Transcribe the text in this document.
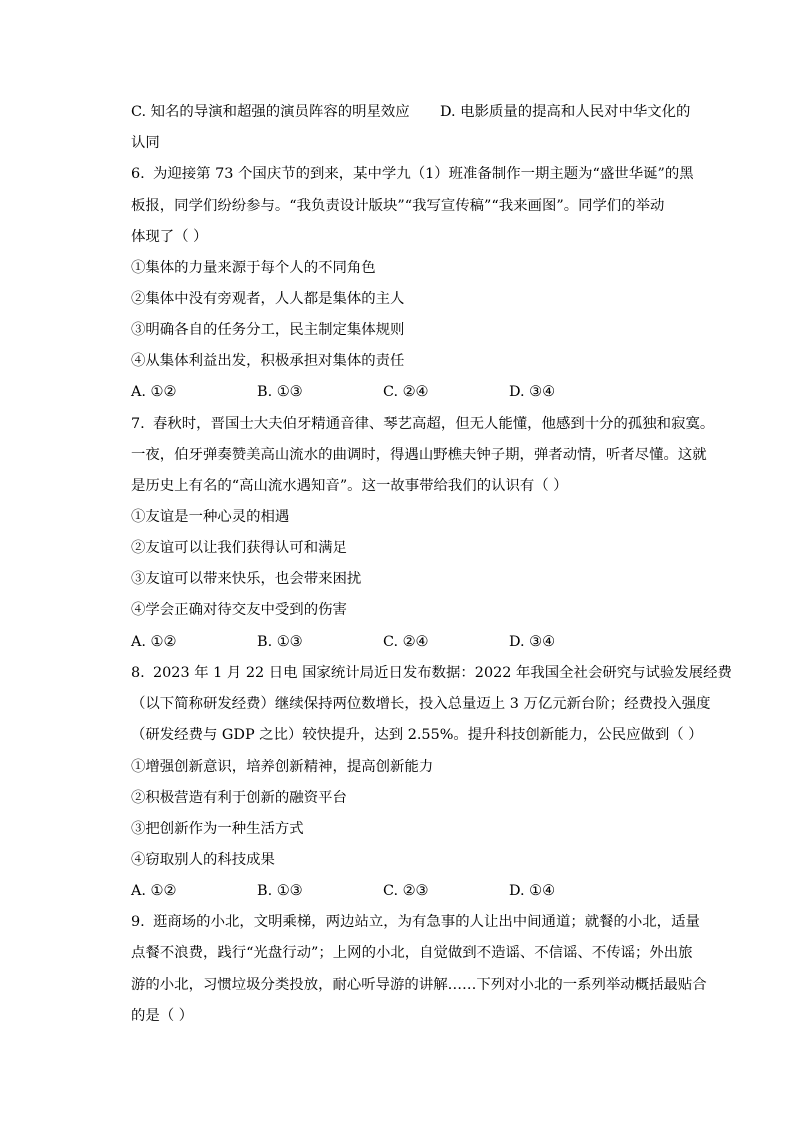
C. 知名的导演和超强的演员阵容的明星效应 D. 电影质量的提高和人民对中华文化的
认同
6. 为迎接第 73 个国庆节的到来，某中学九（1）班准备制作一期主题为“盛世华诞”的黑
板报，同学们纷纷参与。“我负责设计版块”“我写宣传稿”“我来画图”。同学们的举动
体现了（ ）
①集体的力量来源于每个人的不同角色
②集体中没有旁观者，人人都是集体的主人
③明确各自的任务分工，民主制定集体规则
④从集体利益出发，积极承担对集体的责任
A. ①②	B. ①③	C. ②④	D. ③④
7. 春秋时，晋国士大夫伯牙精通音律、琴艺高超，但无人能懂，他感到十分的孤独和寂寞。
一夜，伯牙弹奏赞美高山流水的曲调时，得遇山野樵夫钟子期，弹者动情，听者尽懂。这就
是历史上有名的“高山流水遇知音”。这一故事带给我们的认识有（ ）
①友谊是一种心灵的相遇
②友谊可以让我们获得认可和满足
③友谊可以带来快乐，也会带来困扰
④学会正确对待交友中受到的伤害
A. ①②	B. ①③	C. ②④	D. ③④
8. 2023 年 1 月 22 日电 国家统计局近日发布数据：2022 年我国全社会研究与试验发展经费
（以下简称研发经费）继续保持两位数增长，投入总量迈上 3 万亿元新台阶；经费投入强度
（研发经费与 GDP 之比）较快提升，达到 2.55%。提升科技创新能力，公民应做到（ ）
①增强创新意识，培养创新精神，提高创新能力
②积极营造有利于创新的融资平台
③把创新作为一种生活方式
④窃取别人的科技成果
A. ①②	B. ①③	C. ②③	D. ①④
9. 逛商场的小北，文明乘梯，两边站立，为有急事的人让出中间通道；就餐的小北，适量
点餐不浪费，践行“光盘行动”；上网的小北，自觉做到不造谣、不信谣、不传谣；外出旅
游的小北，习惯垃圾分类投放，耐心听导游的讲解……下列对小北的一系列举动概括最贴合
的是（ ）
